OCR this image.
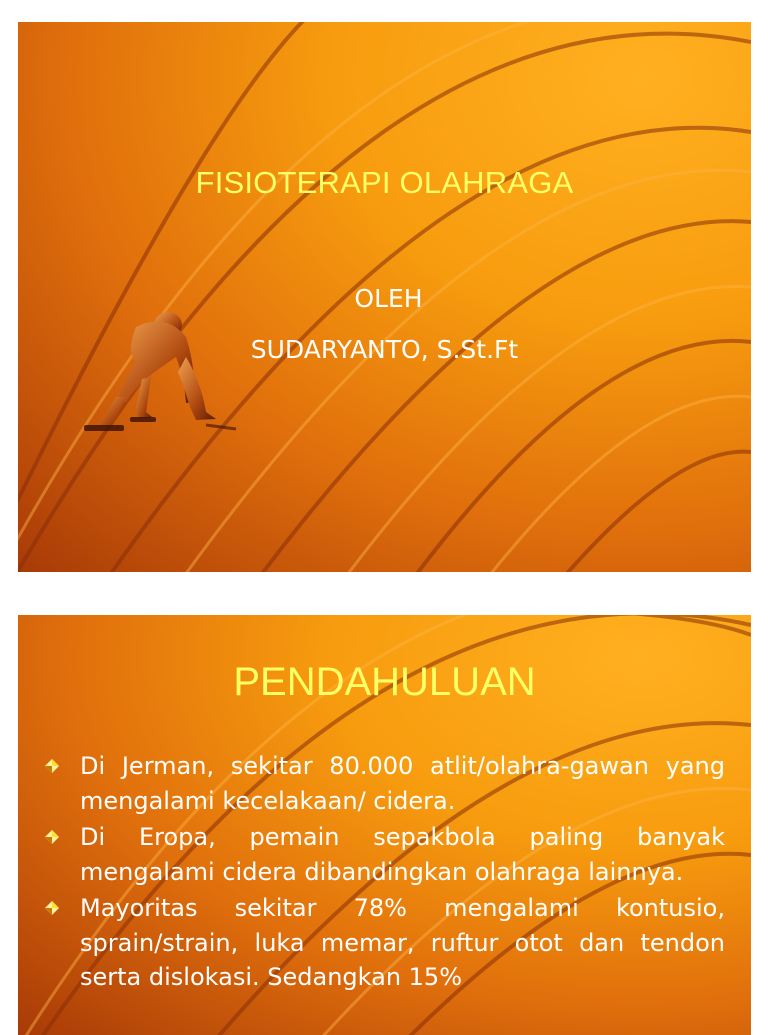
FISIOTERAPI OLAHRAGA
OLEH
SUDARYANTO, S.St.Ft
PENDAHULUAN
Di Jerman, sekitar 80.000 atlit/olahra-gawan yang mengalami kecelakaan/ cidera.
Di Eropa, pemain sepakbola paling banyak mengalami cidera dibandingkan olahraga lainnya.
Mayoritas sekitar 78% mengalami kontusio, sprain/strain, luka memar, ruftur otot dan tendon serta dislokasi. Sedangkan 15%
